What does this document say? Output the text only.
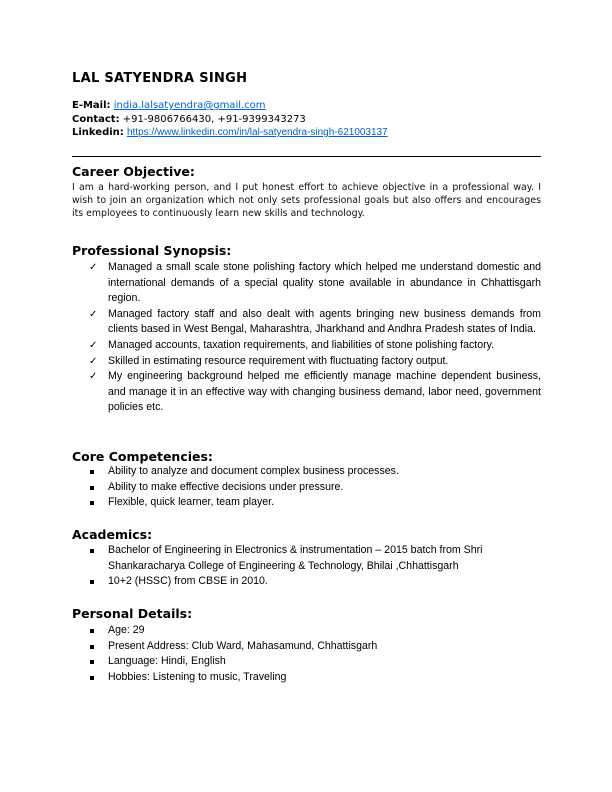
LAL SATYENDRA SINGH
E-Mail: india.lalsatyendra@gmail.com
Contact: +91-9806766430, +91-9399343273
Linkedin: https://www.linkedin.com/in/lal-satyendra-singh-621003137
Career Objective:
I am a hard-working person, and I put honest effort to achieve objective in a professional way. I wish to join an organization which not only sets professional goals but also offers and encourages its employees to continuously learn new skills and technology.
Professional Synopsis:
✓ Managed a small scale stone polishing factory which helped me understand domestic and international demands of a special quality stone available in abundance in Chhattisgarh region.
✓ Managed factory staff and also dealt with agents bringing new business demands from clients based in West Bengal, Maharashtra, Jharkhand and Andhra Pradesh states of India.
✓ Managed accounts, taxation requirements, and liabilities of stone polishing factory.
✓ Skilled in estimating resource requirement with fluctuating factory output.
✓ My engineering background helped me efficiently manage machine dependent business, and manage it in an effective way with changing business demand, labor need, government policies etc.
Core Competencies:
Ability to analyze and document complex business processes.
Ability to make effective decisions under pressure.
Flexible, quick learner, team player.
Academics:
Bachelor of Engineering in Electronics & instrumentation – 2015 batch from Shri Shankaracharya College of Engineering & Technology, Bhilai ,Chhattisgarh
10+2 (HSSC) from CBSE in 2010.
Personal Details:
Age: 29
Present Address: Club Ward, Mahasamund, Chhattisgarh
Language: Hindi, English
Hobbies: Listening to music, Traveling
